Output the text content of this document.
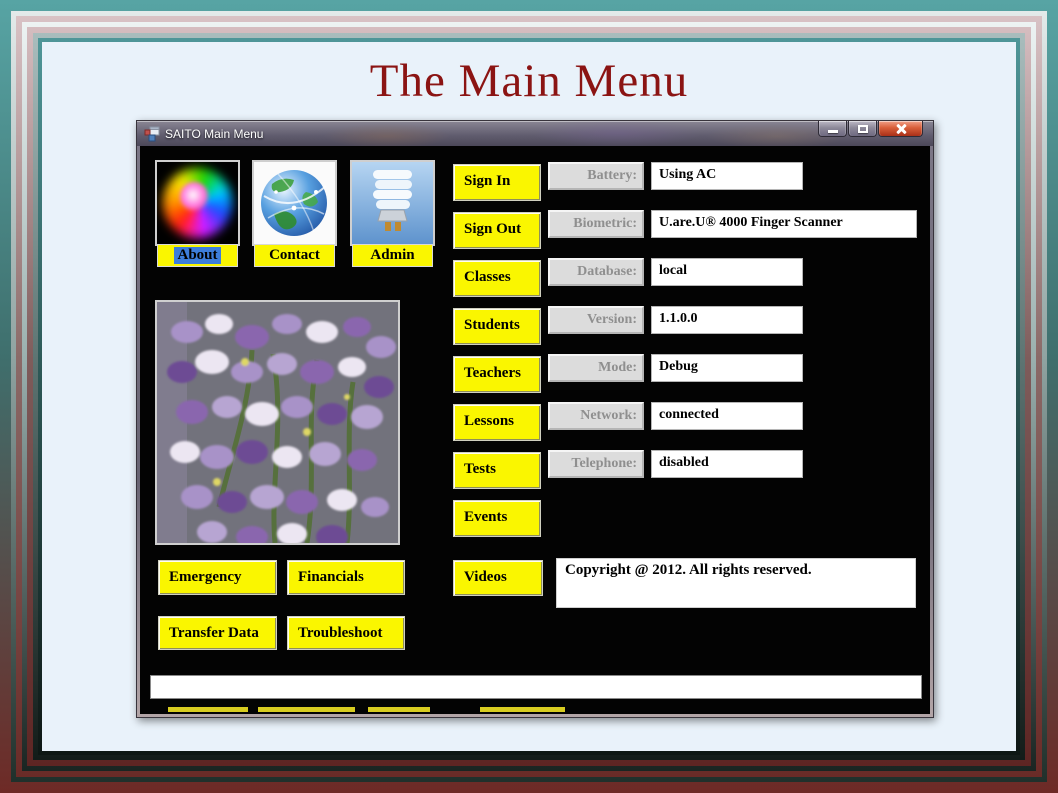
The Main Menu
SAITO Main Menu
About	Contact	Admin
Sign In
Sign Out
Classes
Students
Teachers
Lessons
Tests
Events
Videos
Battery:	Using AC
Biometric:	U.are.U® 4000 Finger Scanner
Database:	local
Version:	1.1.0.0
Mode:	Debug
Network:	connected
Telephone:	disabled
Emergency	Financials
Transfer Data	Troubleshoot
Copyright @ 2012. All rights reserved.
